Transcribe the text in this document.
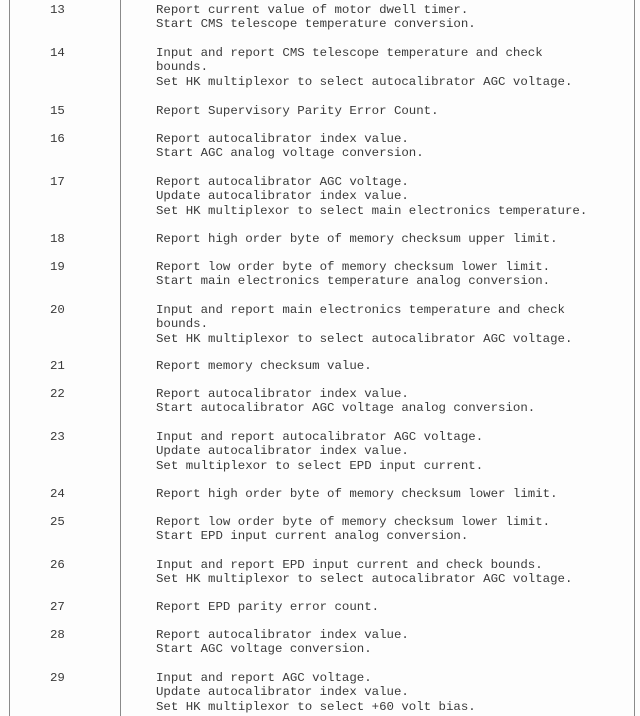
13	Report current value of motor dwell timer.
Start CMS telescope temperature conversion.
14	Input and report CMS telescope temperature and check
bounds.
Set HK multiplexor to select autocalibrator AGC voltage.
15	Report Supervisory Parity Error Count.
16	Report autocalibrator index value.
Start AGC analog voltage conversion.
17	Report autocalibrator AGC voltage.
Update autocalibrator index value.
Set HK multiplexor to select main electronics temperature.
18	Report high order byte of memory checksum upper limit.
19	Report low order byte of memory checksum lower limit.
Start main electronics temperature analog conversion.
20	Input and report main electronics temperature and check
bounds.
Set HK multiplexor to select autocalibrator AGC voltage.
21	Report memory checksum value.
22	Report autocalibrator index value.
Start autocalibrator AGC voltage analog conversion.
23	Input and report autocalibrator AGC voltage.
Update autocalibrator index value.
Set multiplexor to select EPD input current.
24	Report high order byte of memory checksum lower limit.
25	Report low order byte of memory checksum lower limit.
Start EPD input current analog conversion.
26	Input and report EPD input current and check bounds.
Set HK multiplexor to select autocalibrator AGC voltage.
27	Report EPD parity error count.
28	Report autocalibrator index value.
Start AGC voltage conversion.
29	Input and report AGC voltage.
Update autocalibrator index value.
Set HK multiplexor to select +60 volt bias.
